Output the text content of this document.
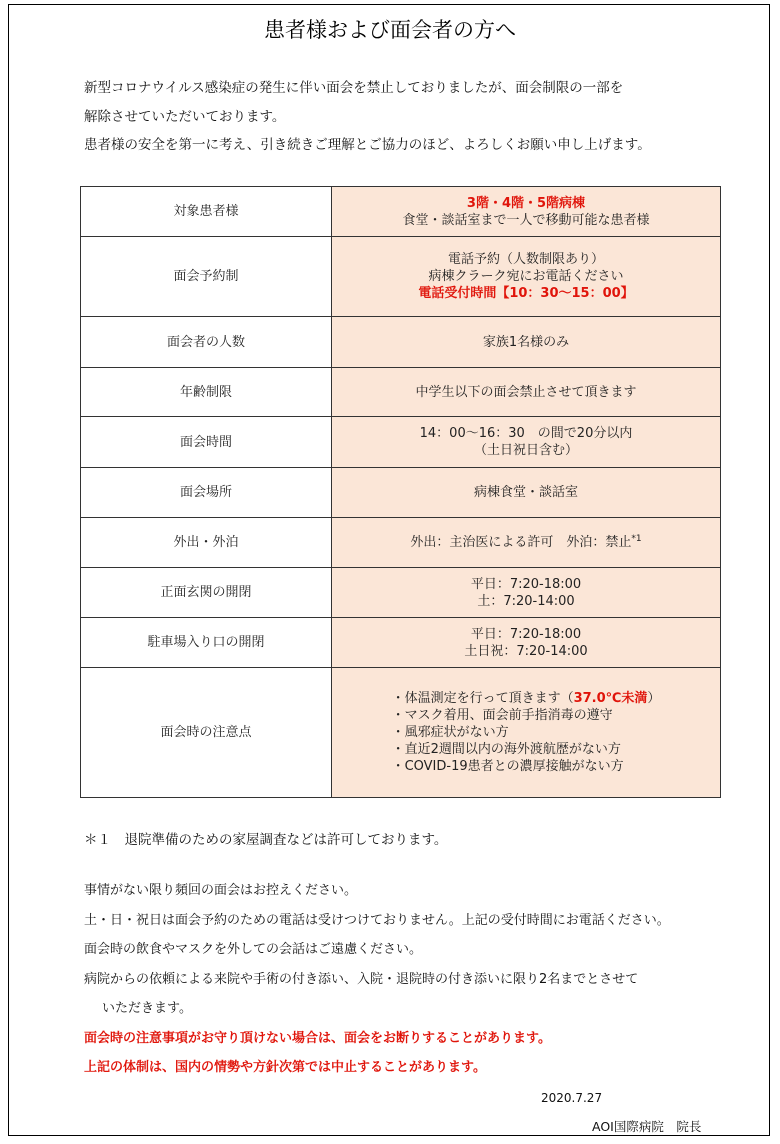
患者様および面会者の方へ

新型コロナウイルス感染症の発生に伴い面会を禁止しておりましたが、面会制限の一部を

解除させていただいております。

患者様の安全を第一に考え、引き続きご理解とご協力のほど、よろしくお願い申し上げます。

対象患者様	3階・4階・5階病棟
食堂・談話室まで一人で移動可能な患者様

面会予約制	電話予約（人数制限あり）
病棟クラーク宛にお電話ください
電話受付時間【10：30～15：00】

面会者の人数	家族1名様のみ
年齢制限	中学生以下の面会禁止させて頂きます
面会時間	14：00～16：30　の間で20分以内
（土日祝日含む）

面会場所	病棟食堂・談話室
外出・外泊	外出：主治医による許可　外泊：禁止$^{*1}$
正面玄関の開閉	平日：7:20-18:00
土：7:20-14:00

駐車場入り口の開閉	平日：7:20-18:00
土日祝：7:20-14:00

面会時の注意点	・体温測定を行って頂きます（37.0℃未満）
・マスク着用、面会前手指消毒の遵守
・風邪症状がない方
・直近2週間以内の海外渡航歴がない方
・COVID-19患者との濃厚接触がない方
＊１　退院準備のための家屋調査などは許可しております。

事情がない限り頻回の面会はお控えください。

土・日・祝日は面会予約のための電話は受けつけておりません。上記の受付時間にお電話ください。

面会時の飲食やマスクを外しての会話はご遠慮ください。

病院からの依頼による来院や手術の付き添い、入院・退院時の付き添いに限り2名までとさせて

いただきます。

面会時の注意事項がお守り頂けない場合は、面会をお断りすることがあります。

上記の体制は、国内の情勢や方針次第では中止することがあります。

2020.7.27
AOI国際病院　院長
